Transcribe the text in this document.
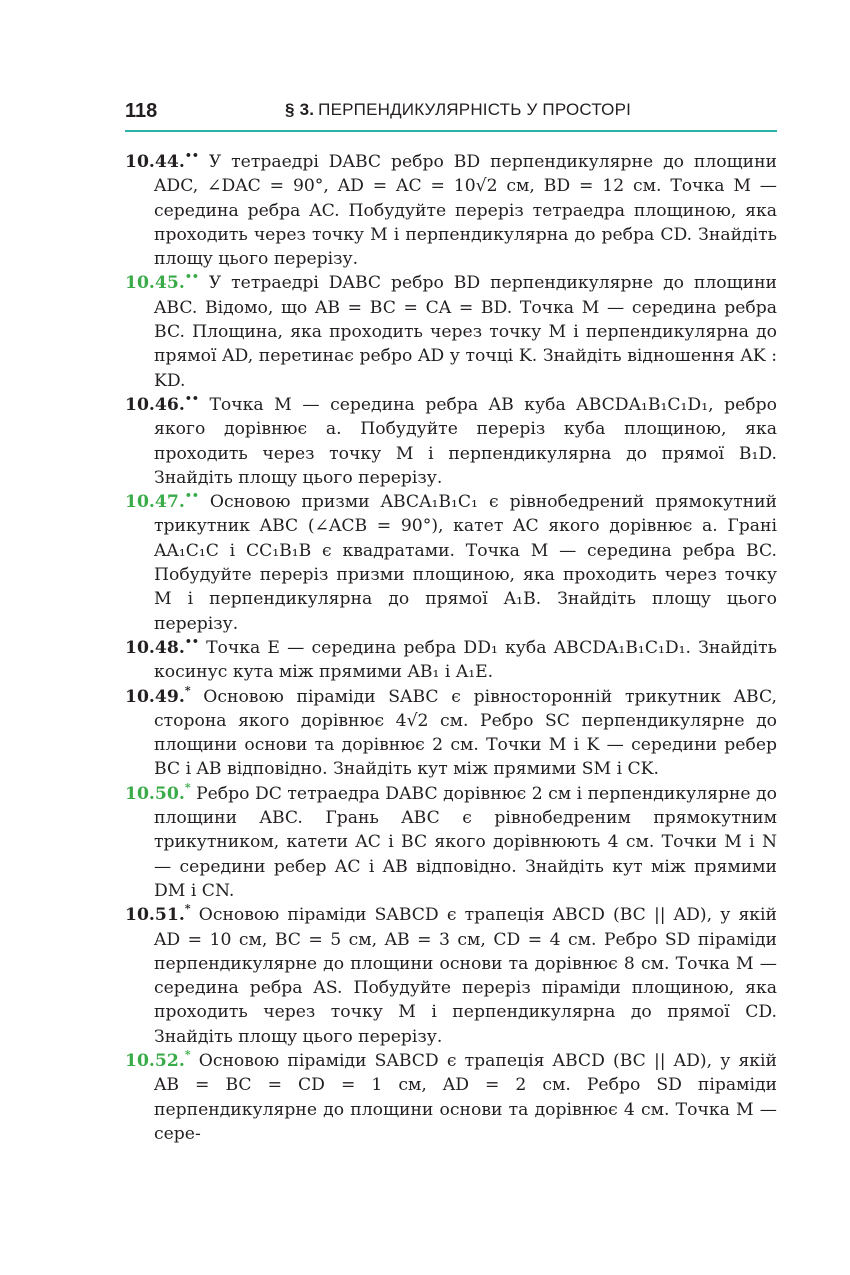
118	§ 3. ПЕРПЕНДИКУЛЯРНІСТЬ У ПРОСТОРІ

10.44.•• У тетраедрі DABC ребро BD перпендикулярне до площини ADC, ∠DAC = 90°, AD = AC = 10√2 см, BD = 12 см. Точка M — середина ребра AC. Побудуйте переріз тетраедра площиною, яка проходить через точку M і перпендикулярна до ребра CD. Знайдіть площу цього перерізу.

10.45.•• У тетраедрі DABC ребро BD перпендикулярне до площини ABC. Відомо, що AB = BC = CA = BD. Точка M — середина ребра BC. Площина, яка проходить через точку M і перпендикулярна до прямої AD, перетинає ребро AD у точці K. Знайдіть відношення AK : KD.

10.46.•• Точка M — середина ребра AB куба ABCDA₁B₁C₁D₁, ребро якого дорівнює a. Побудуйте переріз куба площиною, яка проходить через точку M і перпендикулярна до прямої B₁D. Знайдіть площу цього перерізу.

10.47.•• Основою призми ABCA₁B₁C₁ є рівнобедрений прямокутний трикутник ABC (∠ACB = 90°), катет AC якого дорівнює a. Грані AA₁C₁C і CC₁B₁B є квадратами. Точка M — середина ребра BC. Побудуйте переріз призми площиною, яка проходить через точку M і перпендикулярна до прямої A₁B. Знайдіть площу цього перерізу.

10.48.•• Точка E — середина ребра DD₁ куба ABCDA₁B₁C₁D₁. Знайдіть косинус кута між прямими AB₁ і A₁E.

10.49.* Основою піраміди SABC є рівносторонній трикутник ABC, сторона якого дорівнює 4√2 см. Ребро SC перпендикулярне до площини основи та дорівнює 2 см. Точки M і K — середини ребер BC і AB відповідно. Знайдіть кут між прямими SM і CK.

10.50.* Ребро DC тетраедра DABC дорівнює 2 см і перпендикулярне до площини ABC. Грань ABC є рівнобедреним прямокутним трикутником, катети AC і BC якого дорівнюють 4 см. Точки M і N — середини ребер AC і AB відповідно. Знайдіть кут між прямими DM і CN.

10.51.* Основою піраміди SABCD є трапеція ABCD (BC || AD), у якій AD = 10 см, BC = 5 см, AB = 3 см, CD = 4 см. Ребро SD піраміди перпендикулярне до площини основи та дорівнює 8 см. Точка M — середина ребра AS. Побудуйте переріз піраміди площиною, яка проходить через точку M і перпендикулярна до прямої CD. Знайдіть площу цього перерізу.

10.52.* Основою піраміди SABCD є трапеція ABCD (BC || AD), у якій AB = BC = CD = 1 см, AD = 2 см. Ребро SD піраміди перпендикулярне до площини основи та дорівнює 4 см. Точка M — сере-
